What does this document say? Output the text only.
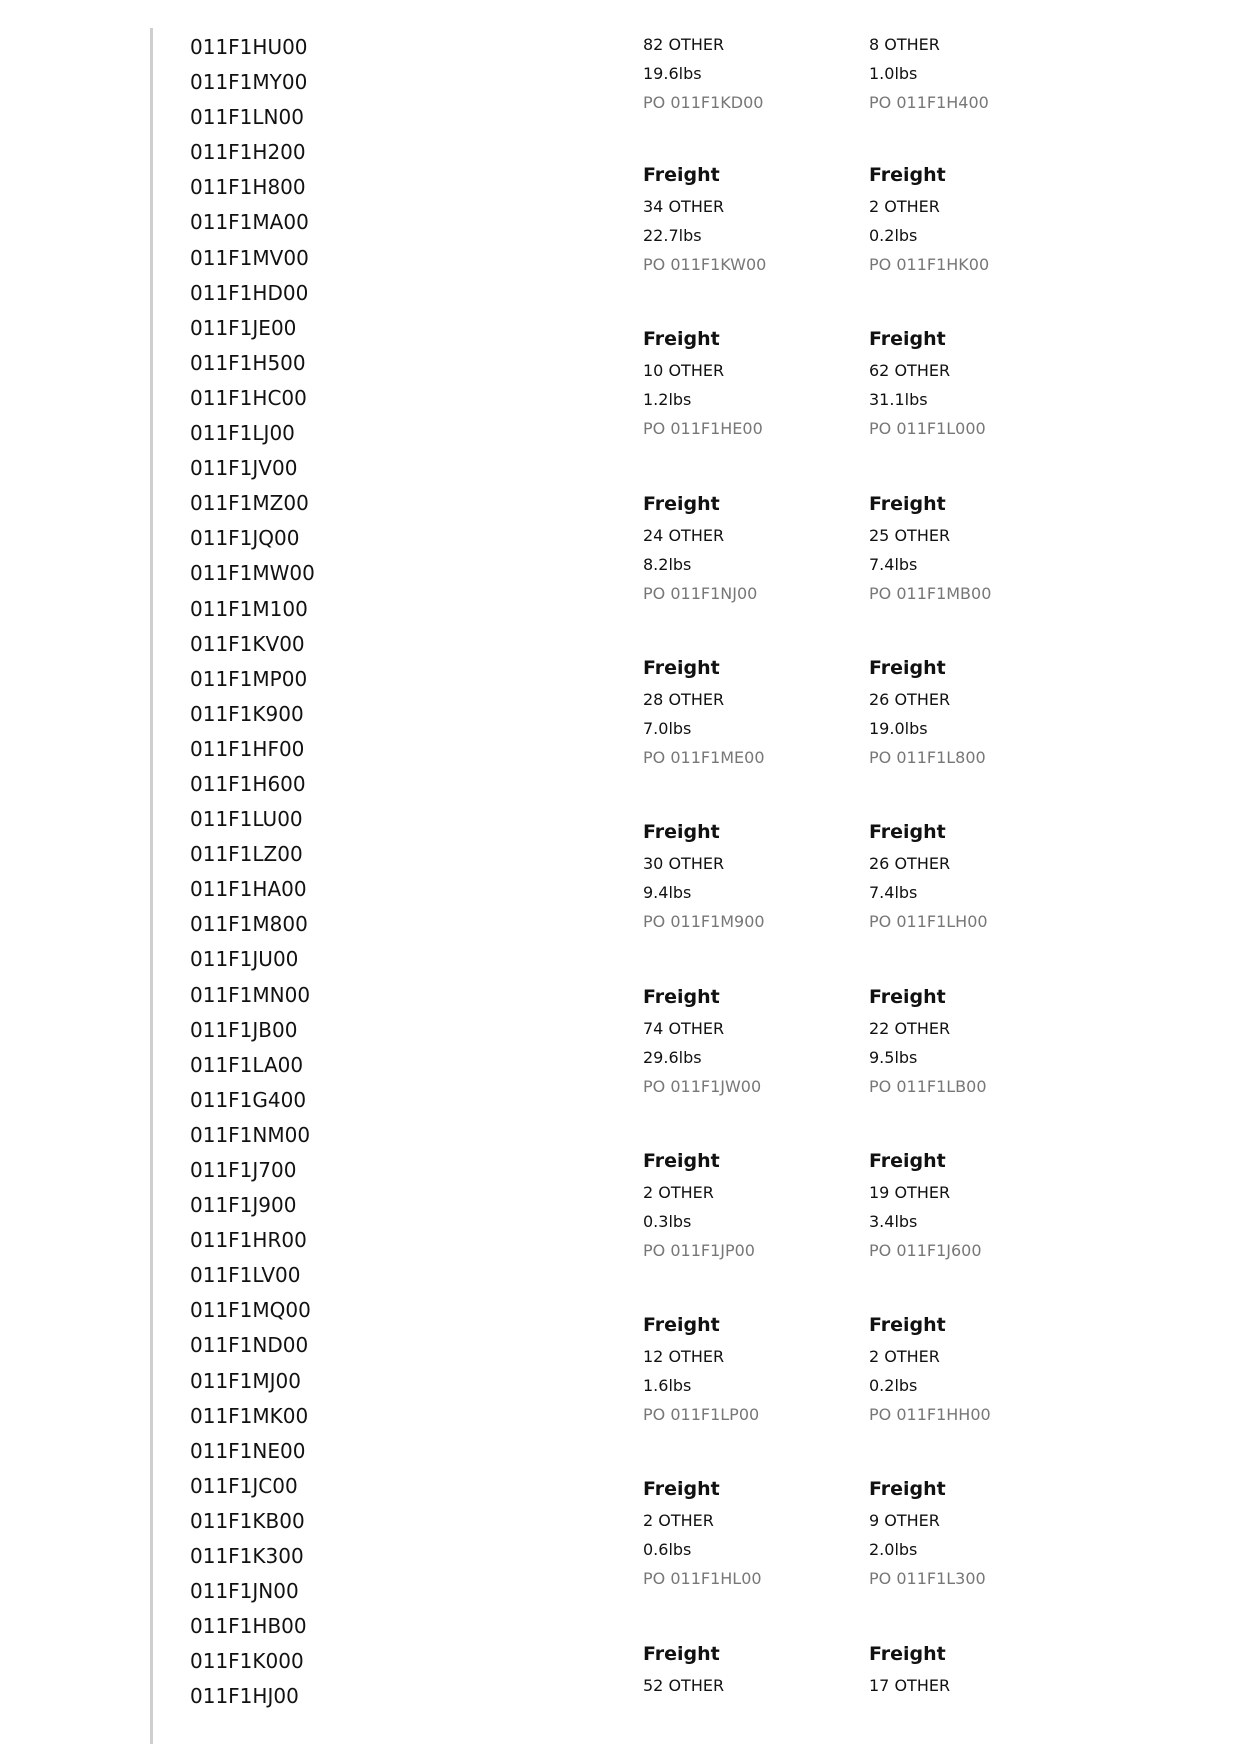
011F1HU00
011F1MY00
011F1LN00
011F1H200
011F1H800
011F1MA00
011F1MV00
011F1HD00
011F1JE00
011F1H500
011F1HC00
011F1LJ00
011F1JV00
011F1MZ00
011F1JQ00
011F1MW00
011F1M100
011F1KV00
011F1MP00
011F1K900
011F1HF00
011F1H600
011F1LU00
011F1LZ00
011F1HA00
011F1M800
011F1JU00
011F1MN00
011F1JB00
011F1LA00
011F1G400
011F1NM00
011F1J700
011F1J900
011F1HR00
011F1LV00
011F1MQ00
011F1ND00
011F1MJ00
011F1MK00
011F1NE00
011F1JC00
011F1KB00
011F1K300
011F1JN00
011F1HB00
011F1K000
011F1HJ00
82 OTHER
19.6lbs
PO 011F1KD00
8 OTHER
1.0lbs
PO 011F1H400
Freight
34 OTHER
22.7lbs
PO 011F1KW00
Freight
2 OTHER
0.2lbs
PO 011F1HK00
Freight
10 OTHER
1.2lbs
PO 011F1HE00
Freight
62 OTHER
31.1lbs
PO 011F1L000
Freight
24 OTHER
8.2lbs
PO 011F1NJ00
Freight
25 OTHER
7.4lbs
PO 011F1MB00
Freight
28 OTHER
7.0lbs
PO 011F1ME00
Freight
26 OTHER
19.0lbs
PO 011F1L800
Freight
30 OTHER
9.4lbs
PO 011F1M900
Freight
26 OTHER
7.4lbs
PO 011F1LH00
Freight
74 OTHER
29.6lbs
PO 011F1JW00
Freight
22 OTHER
9.5lbs
PO 011F1LB00
Freight
2 OTHER
0.3lbs
PO 011F1JP00
Freight
19 OTHER
3.4lbs
PO 011F1J600
Freight
12 OTHER
1.6lbs
PO 011F1LP00
Freight
2 OTHER
0.2lbs
PO 011F1HH00
Freight
2 OTHER
0.6lbs
PO 011F1HL00
Freight
9 OTHER
2.0lbs
PO 011F1L300
Freight
52 OTHER
Freight
17 OTHER
